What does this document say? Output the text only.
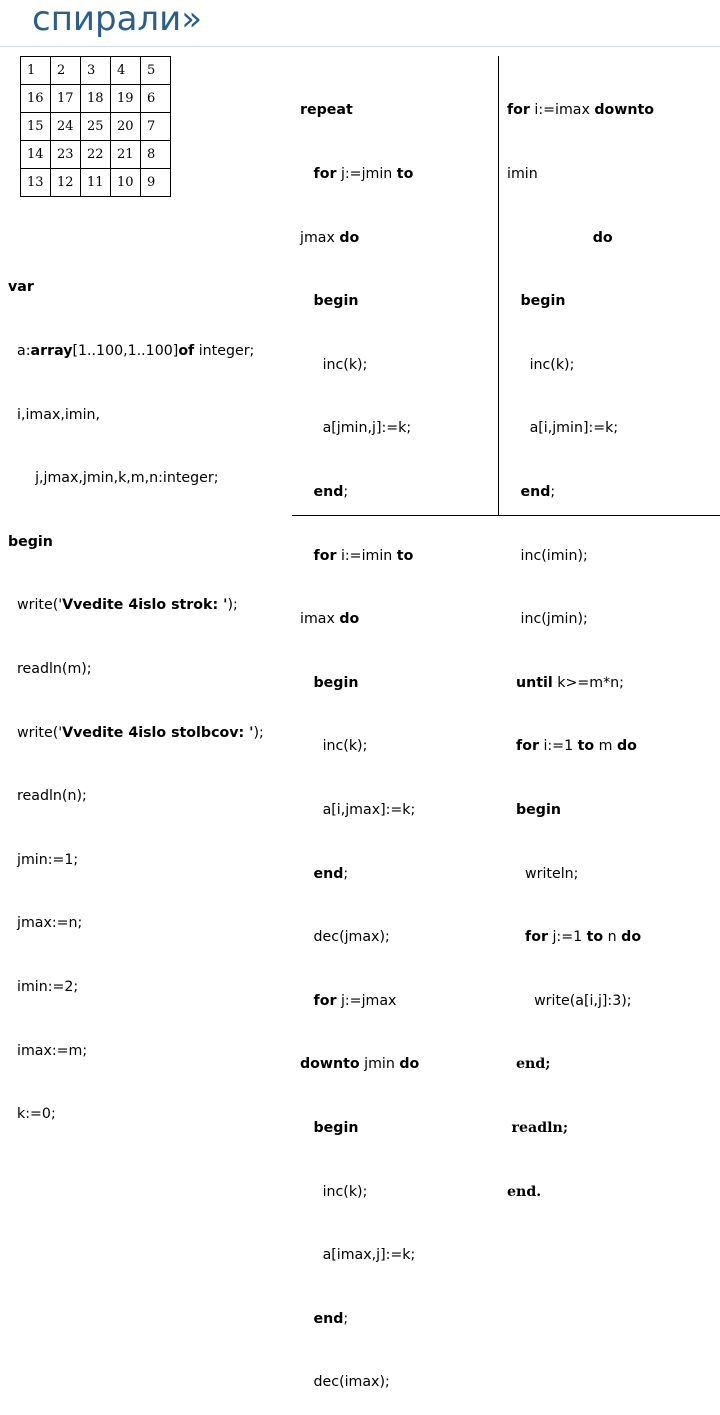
спирали»
1	2	3	4	5
16	17	18	19	6
15	24	25	20	7
14	23	22	21	8
13	12	11	10	9

var

a:array[1..100,1..100]of integer;

i,imax,imin,

j,jmax,jmin,k,m,n:integer;

begin

write('Vvedite 4islo strok: ');

readln(m);

write('Vvedite 4islo stolbcov: ');

readln(n);

jmin:=1;

jmax:=n;

imin:=2;

imax:=m;

k:=0;

repeat

for j:=jmin to

jmax do

begin

inc(k);

a[jmin,j]:=k;

end;

for i:=imin to

imax do

begin

inc(k);

a[i,jmax]:=k;

end;

dec(jmax);

for j:=jmax

downto jmin do

begin

inc(k);

a[imax,j]:=k;

end;

dec(imax);

for i:=imax downto

imin

do

begin

inc(k);

a[i,jmin]:=k;

end;

inc(imin);

inc(jmin);

until k>=m*n;

for i:=1 to m do

begin

writeln;

for j:=1 to n do

write(a[i,j]:3);

end;

readln;

end.
